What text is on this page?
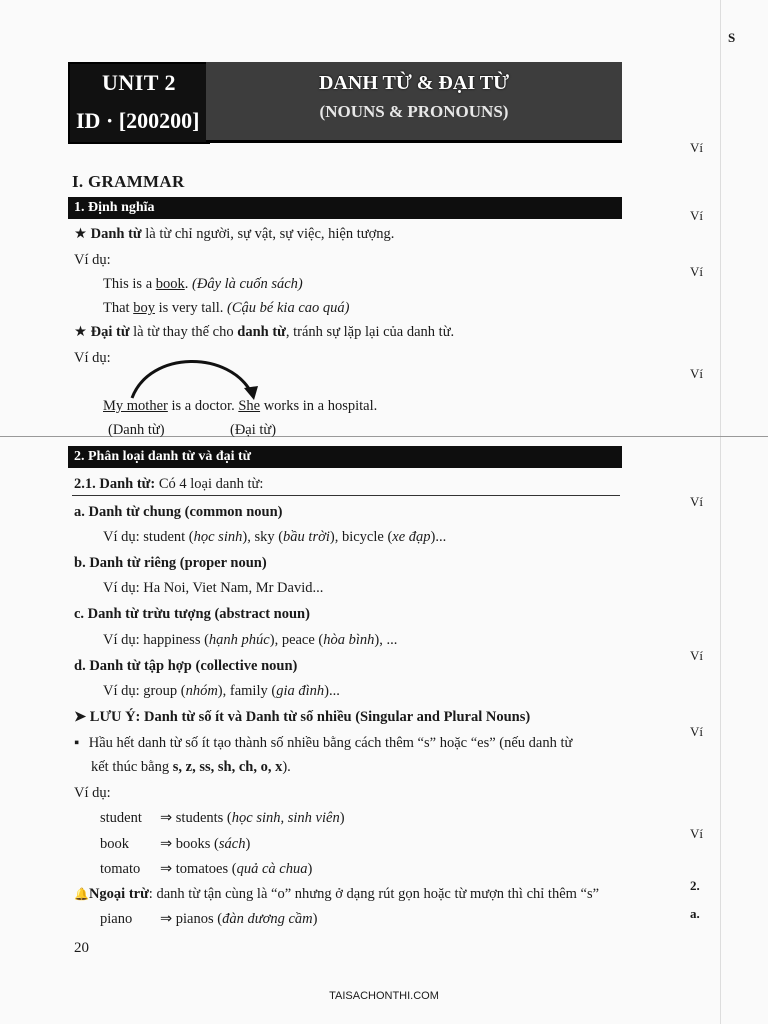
UNIT 2
ID · [200200]
DANH TỪ & ĐẠI TỪ
(NOUNS & PRONOUNS)
I. GRAMMAR
1. Định nghĩa
★ Danh từ là từ chỉ người, sự vật, sự việc, hiện tượng.
Ví dụ:
This is a book. (Đây là cuốn sách)
That boy is very tall. (Cậu bé kia cao quá)
★ Đại từ là từ thay thế cho danh từ, tránh sự lặp lại của danh từ.
Ví dụ:
My mother is a doctor. She works in a hospital.
(Danh từ)	(Đại từ)
2. Phân loại danh từ và đại từ
2.1. Danh từ: Có 4 loại danh từ:
a. Danh từ chung (common noun)
Ví dụ: student (học sinh), sky (bầu trời), bicycle (xe đạp)...
b. Danh từ riêng (proper noun)
Ví dụ: Ha Noi, Viet Nam, Mr David...
c. Danh từ trừu tượng (abstract noun)
Ví dụ: happiness (hạnh phúc), peace (hòa bình), ...
d. Danh từ tập hợp (collective noun)
Ví dụ: group (nhóm), family (gia đình)...
➤ LƯU Ý: Danh từ số ít và Danh từ số nhiều (Singular and Plural Nouns)
▪ Hầu hết danh từ số ít tạo thành số nhiều bằng cách thêm “s” hoặc “es” (nếu danh từ
kết thúc bằng s, z, ss, sh, ch, o, x).
Ví dụ:
student ⇒ students (học sinh, sinh viên)
book ⇒ books (sách)
tomato ⇒ tomatoes (quả cà chua)
🔔Ngoại trừ: danh từ tận cùng là “o” nhưng ở dạng rút gọn hoặc từ mượn thì chỉ thêm “s”
piano ⇒ pianos (đàn dương cầm)
20
TAISACHONTHI.COM
S
Ví
Ví
Ví
Ví
Ví
Ví
Ví
2.
a.
Ví
